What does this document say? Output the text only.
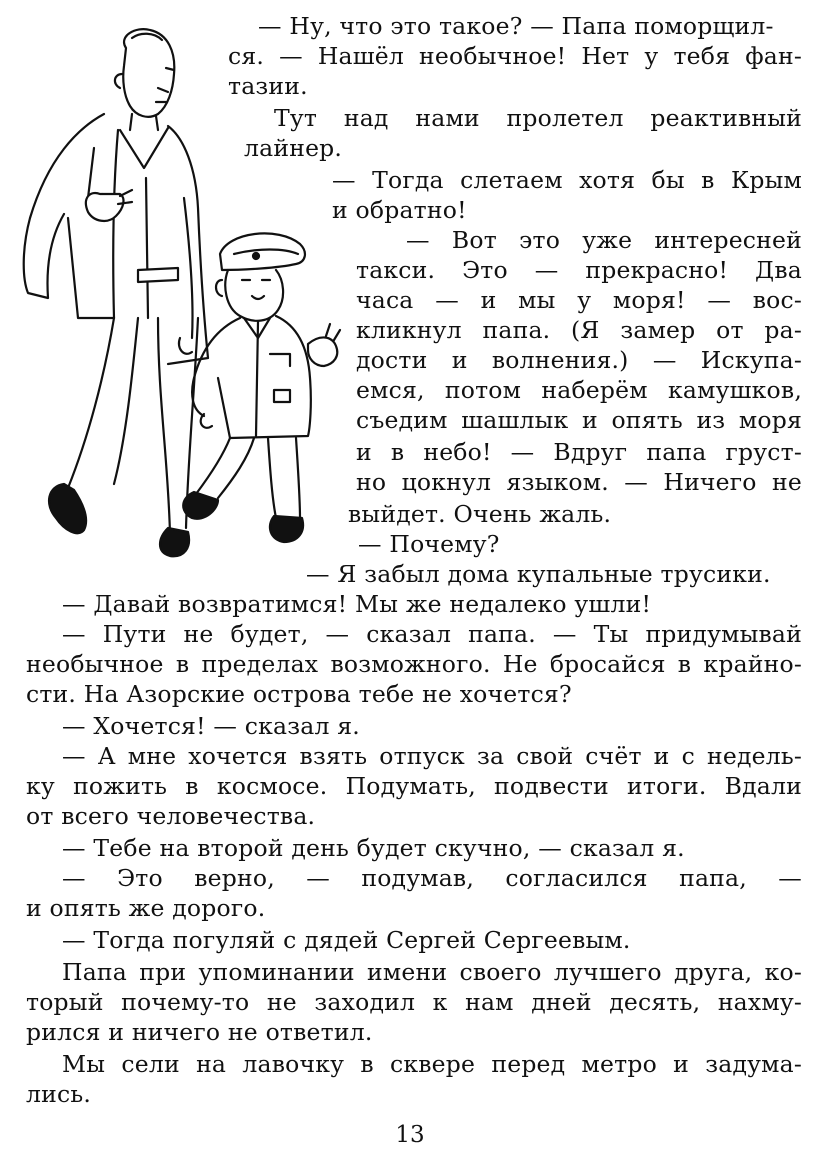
— Ну, что это такое? — Папа поморщил-
ся. — Нашёл необычное! Нет у тебя фан-
тазии.
Тут над нами пролетел реактивный
лайнер.
— Тогда слетаем хотя бы в Крым
и обратно!
— Вот это уже интересней
такси. Это — прекрасно! Два
часа — и мы у моря! — вос-
кликнул папа. (Я замер от ра-
дости и волнения.) — Искупа-
емся, потом наберём камушков,
съедим шашлык и опять из моря
и в небо! — Вдруг папа груст-
но цокнул языком. — Ничего не
выйдет. Очень жаль.
— Почему?
— Я забыл дома купальные трусики.
— Давай возвратимся! Мы же недалеко ушли!
— Пути не будет, — сказал папа. — Ты придумывай
необычное в пределах возможного. Не бросайся в крайно-
сти. На Азорские острова тебе не хочется?
— Хочется! — сказал я.
— А мне хочется взять отпуск за свой счёт и с недель-
ку пожить в космосе. Подумать, подвести итоги. Вдали
от всего человечества.
— Тебе на второй день будет скучно, — сказал я.
— Это верно, — подумав, согласился папа, —
и опять же дорого.
— Тогда погуляй с дядей Сергей Сергеевым.
Папа при упоминании имени своего лучшего друга, ко-
торый почему-то не заходил к нам дней десять, нахму-
рился и ничего не ответил.
Мы сели на лавочку в сквере перед метро и задума-
лись.
13
